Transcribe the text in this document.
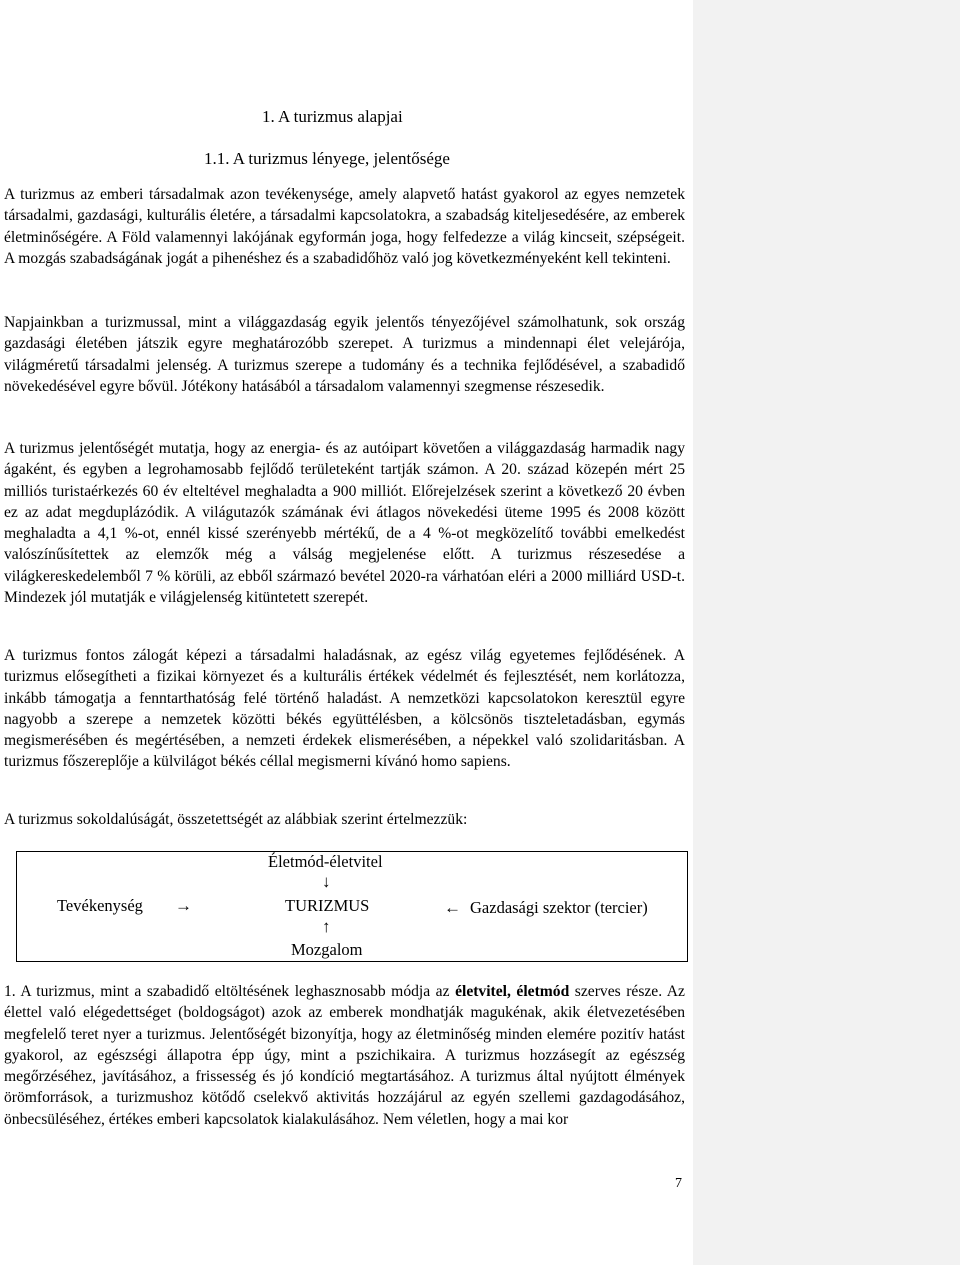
1. A turizmus alapjai
1.1. A turizmus lényege, jelentősége

A turizmus az emberi társadalmak azon tevékenysége, amely alapvető hatást gyakorol az egyes nemzetek társadalmi, gazdasági, kulturális életére, a társadalmi kapcsolatokra, a szabadság kiteljesedésére, az emberek életminőségére. A Föld valamennyi lakójának egyformán joga, hogy felfedezze a világ kincseit, szépségeit. A mozgás szabadságának jogát a pihenéshez és a szabadidőhöz való jog következményeként kell tekinteni.

Napjainkban a turizmussal, mint a világgazdaság egyik jelentős tényezőjével számolhatunk, sok ország gazdasági életében játszik egyre meghatározóbb szerepet. A turizmus a mindennapi élet velejárója, világméretű társadalmi jelenség. A turizmus szerepe a tudomány és a technika fejlődésével, a szabadidő növekedésével egyre bővül. Jótékony hatásából a társadalom valamennyi szegmense részesedik.

A turizmus jelentőségét mutatja, hogy az energia- és az autóipart követően a világgazdaság harmadik nagy ágaként, és egyben a legrohamosabb fejlődő területeként tartják számon. A 20. század közepén mért 25 milliós turistaérkezés 60 év elteltével meghaladta a 900 milliót. Előrejelzések szerint a következő 20 évben ez az adat megduplázódik. A világutazók számának évi átlagos növekedési üteme 1995 és 2008 között meghaladta a 4,1 %-ot, ennél kissé szerényebb mértékű, de a 4 %-ot megközelítő további emelkedést valószínűsítettek az elemzők még a válság megjelenése előtt. A turizmus részesedése a világkereskedelemből 7 % körüli, az ebből származó bevétel 2020-ra várhatóan eléri a 2000 milliárd USD-t. Mindezek jól mutatják e világjelenség kitüntetett szerepét.

A turizmus fontos zálogát képezi a társadalmi haladásnak, az egész világ egyetemes fejlődésének. A turizmus elősegítheti a fizikai környezet és a kulturális értékek védelmét és fejlesztését, nem korlátozza, inkább támogatja a fenntarthatóság felé történő haladást. A nemzetközi kapcsolatokon keresztül egyre nagyobb a szerepe a nemzetek közötti békés együttélésben, a kölcsönös tiszteletadásban, egymás megismerésében és megértésében, a nemzeti érdekek elismerésében, a népekkel való szolidaritásban. A turizmus főszereplője a külvilágot békés céllal megismerni kívánó homo sapiens.

A turizmus sokoldalúságát, összetettségét az alábbiak szerint értelmezzük:

Életmód-életvitel
↓
Tevékenység →	TURIZMUS	← Gazdasági szektor (tercier)
↑
Mozgalom

1. A turizmus, mint a szabadidő eltöltésének leghasznosabb módja az életvitel, életmód szerves része. Az élettel való elégedettséget (boldogságot) azok az emberek mondhatják magukénak, akik életvezetésében megfelelő teret nyer a turizmus. Jelentőségét bizonyítja, hogy az életminőség minden elemére pozitív hatást gyakorol, az egészségi állapotra épp úgy, mint a pszichikaira. A turizmus hozzásegít az egészség megőrzéséhez, javításához, a frissesség és jó kondíció megtartásához. A turizmus által nyújtott élmények örömforrások, a turizmushoz kötődő cselekvő aktivitás hozzájárul az egyén szellemi gazdagodásához, önbecsüléséhez, értékes emberi kapcsolatok kialakulásához. Nem véletlen, hogy a mai kor

7
